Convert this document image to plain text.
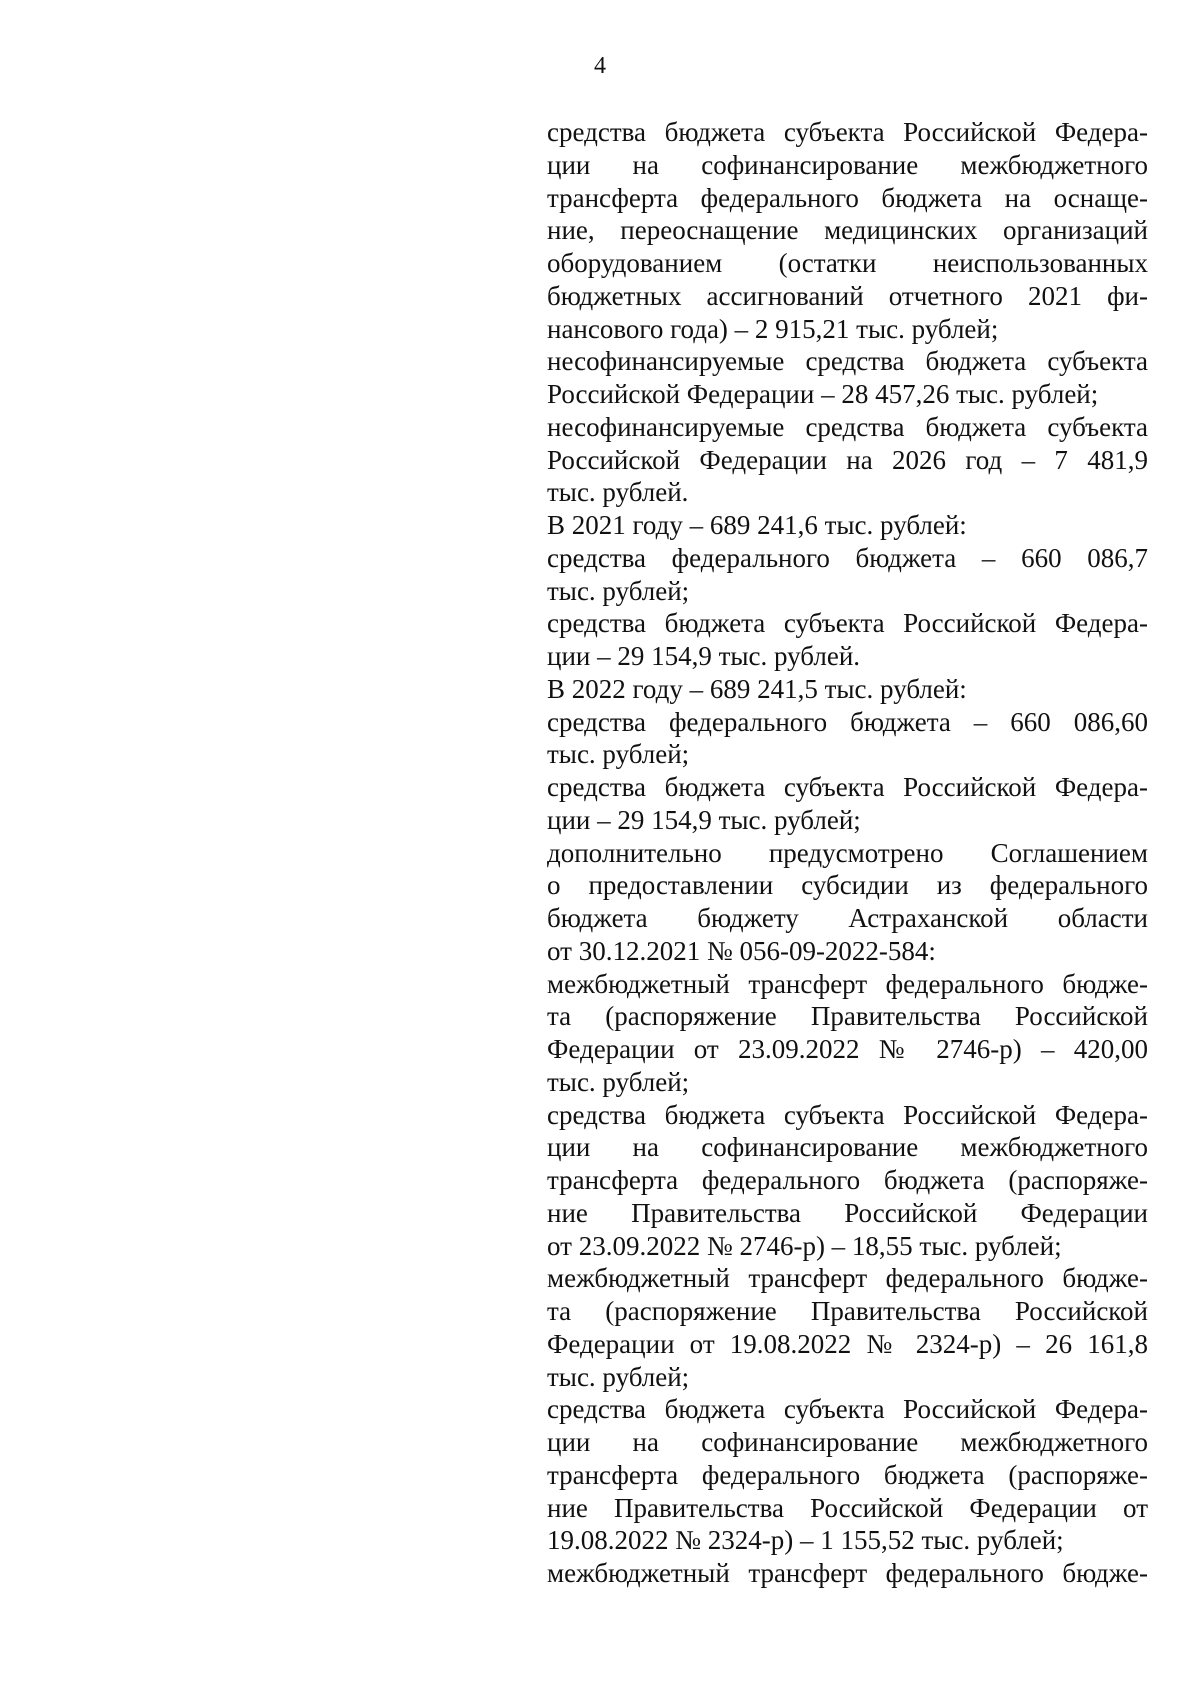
4
средства бюджета субъекта Российской Федера-
ции на софинансирование межбюджетного
трансферта федерального бюджета на оснаще-
ние, переоснащение медицинских организаций
оборудованием (остатки неиспользованных
бюджетных ассигнований отчетного 2021 фи-
нансового года) – 2 915,21 тыс. рублей;
несофинансируемые средства бюджета субъекта
Российской Федерации – 28 457,26 тыс. рублей;
несофинансируемые средства бюджета субъекта
Российской Федерации на 2026 год – 7 481,9
тыс. рублей.
В 2021 году – 689 241,6 тыс. рублей:
средства федерального бюджета – 660 086,7
тыс. рублей;
средства бюджета субъекта Российской Федера-
ции – 29 154,9 тыс. рублей.
В 2022 году – 689 241,5 тыс. рублей:
средства федерального бюджета – 660 086,60
тыс. рублей;
средства бюджета субъекта Российской Федера-
ции – 29 154,9 тыс. рублей;
дополнительно предусмотрено Соглашением
о предоставлении субсидии из федерального
бюджета бюджету Астраханской области
от 30.12.2021 № 056-09-2022-584:
межбюджетный трансферт федерального бюдже-
та (распоряжение Правительства Российской
Федерации от 23.09.2022 № 2746-р) – 420,00
тыс. рублей;
средства бюджета субъекта Российской Федера-
ции на софинансирование межбюджетного
трансферта федерального бюджета (распоряже-
ние Правительства Российской Федерации
от 23.09.2022 № 2746-р) – 18,55 тыс. рублей;
межбюджетный трансферт федерального бюдже-
та (распоряжение Правительства Российской
Федерации от 19.08.2022 № 2324-р) – 26 161,8
тыс. рублей;
средства бюджета субъекта Российской Федера-
ции на софинансирование межбюджетного
трансферта федерального бюджета (распоряже-
ние Правительства Российской Федерации от
19.08.2022 № 2324-р) – 1 155,52 тыс. рублей;
межбюджетный трансферт федерального бюдже-
